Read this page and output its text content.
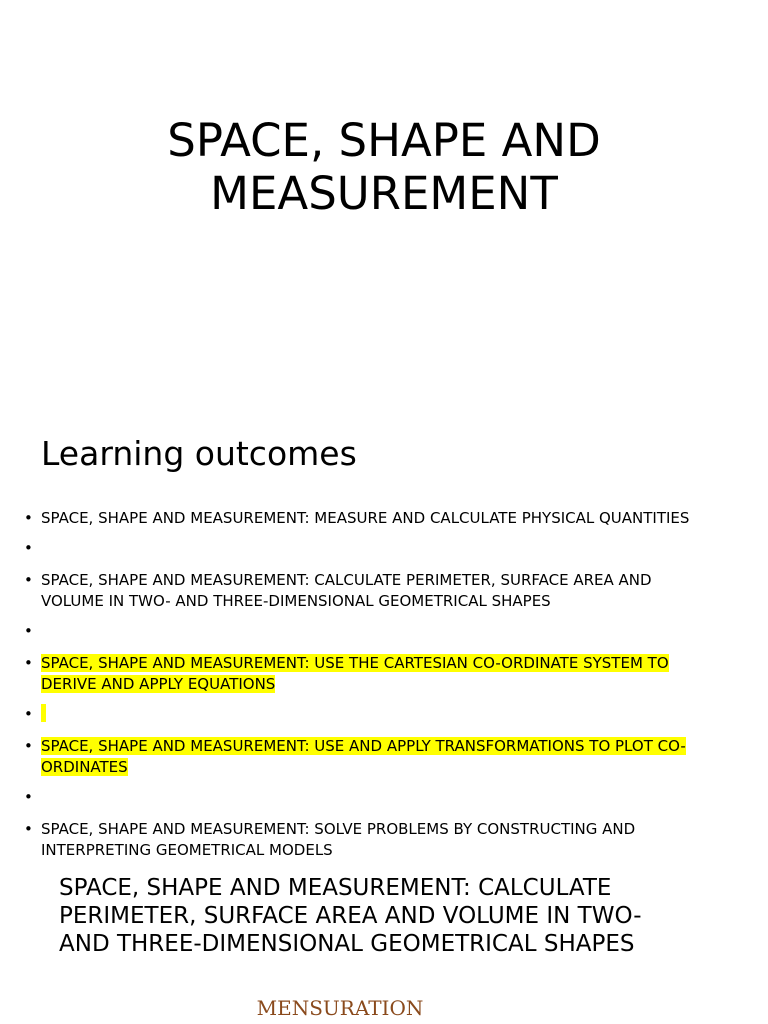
SPACE, SHAPE AND
MEASUREMENT
Learning outcomes
• SPACE, SHAPE AND MEASUREMENT: MEASURE AND CALCULATE PHYSICAL QUANTITIES
•
• SPACE, SHAPE AND MEASUREMENT: CALCULATE PERIMETER, SURFACE AREA AND
VOLUME IN TWO- AND THREE-DIMENSIONAL GEOMETRICAL SHAPES
•
• SPACE, SHAPE AND MEASUREMENT: USE THE CARTESIAN CO-ORDINATE SYSTEM TO
DERIVE AND APPLY EQUATIONS
•
• SPACE, SHAPE AND MEASUREMENT: USE AND APPLY TRANSFORMATIONS TO PLOT CO-
ORDINATES
•
• SPACE, SHAPE AND MEASUREMENT: SOLVE PROBLEMS BY CONSTRUCTING AND
INTERPRETING GEOMETRICAL MODELS
SPACE, SHAPE AND MEASUREMENT: CALCULATE
PERIMETER, SURFACE AREA AND VOLUME IN TWO-
AND THREE-DIMENSIONAL GEOMETRICAL SHAPES
MENSURATION
